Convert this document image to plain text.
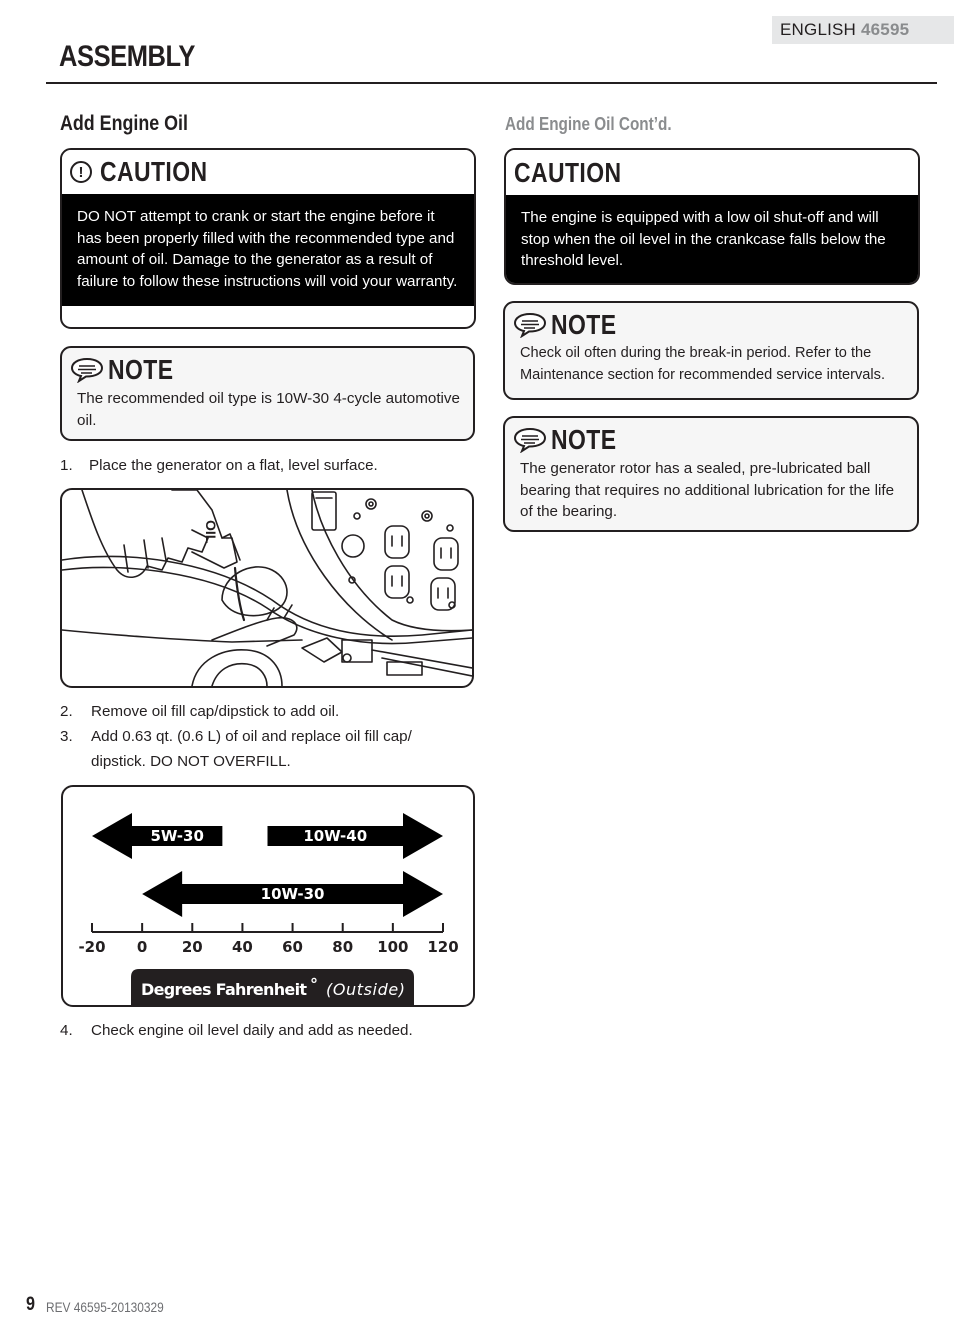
ENGLISH 46595
ASSEMBLY
Add Engine Oil
! CAUTION
DO NOT attempt to crank or start the engine before it has been properly filled with the recommended type and amount of oil. Damage to the generator as a result of failure to follow these instructions will void your warranty.
NOTE
The recommended oil type is 10W-30 4-cycle automotive oil.
1. Place the generator on a flat, level surface.
OIL
2. Remove oil fill cap/dipstick to add oil.
3. Add 0.63 qt. (0.6 L) of oil and replace oil fill cap/ dipstick. DO NOT OVERFILL.
5W-30	10W-40
10W-30
-20 0 20 40 60 80 100 120
Degrees Fahrenheit ° (Outside)
4. Check engine oil level daily and add as needed.
Add Engine Oil Cont’d.
CAUTION
The engine is equipped with a low oil shut-off and will stop when the oil level in the crankcase falls below the threshold level.
NOTE
Check oil often during the break-in period. Refer to the Maintenance section for recommended service intervals.
NOTE
The generator rotor has a sealed, pre-lubricated ball bearing that requires no additional lubrication for the life of the bearing.
9 REV 46595-20130329
